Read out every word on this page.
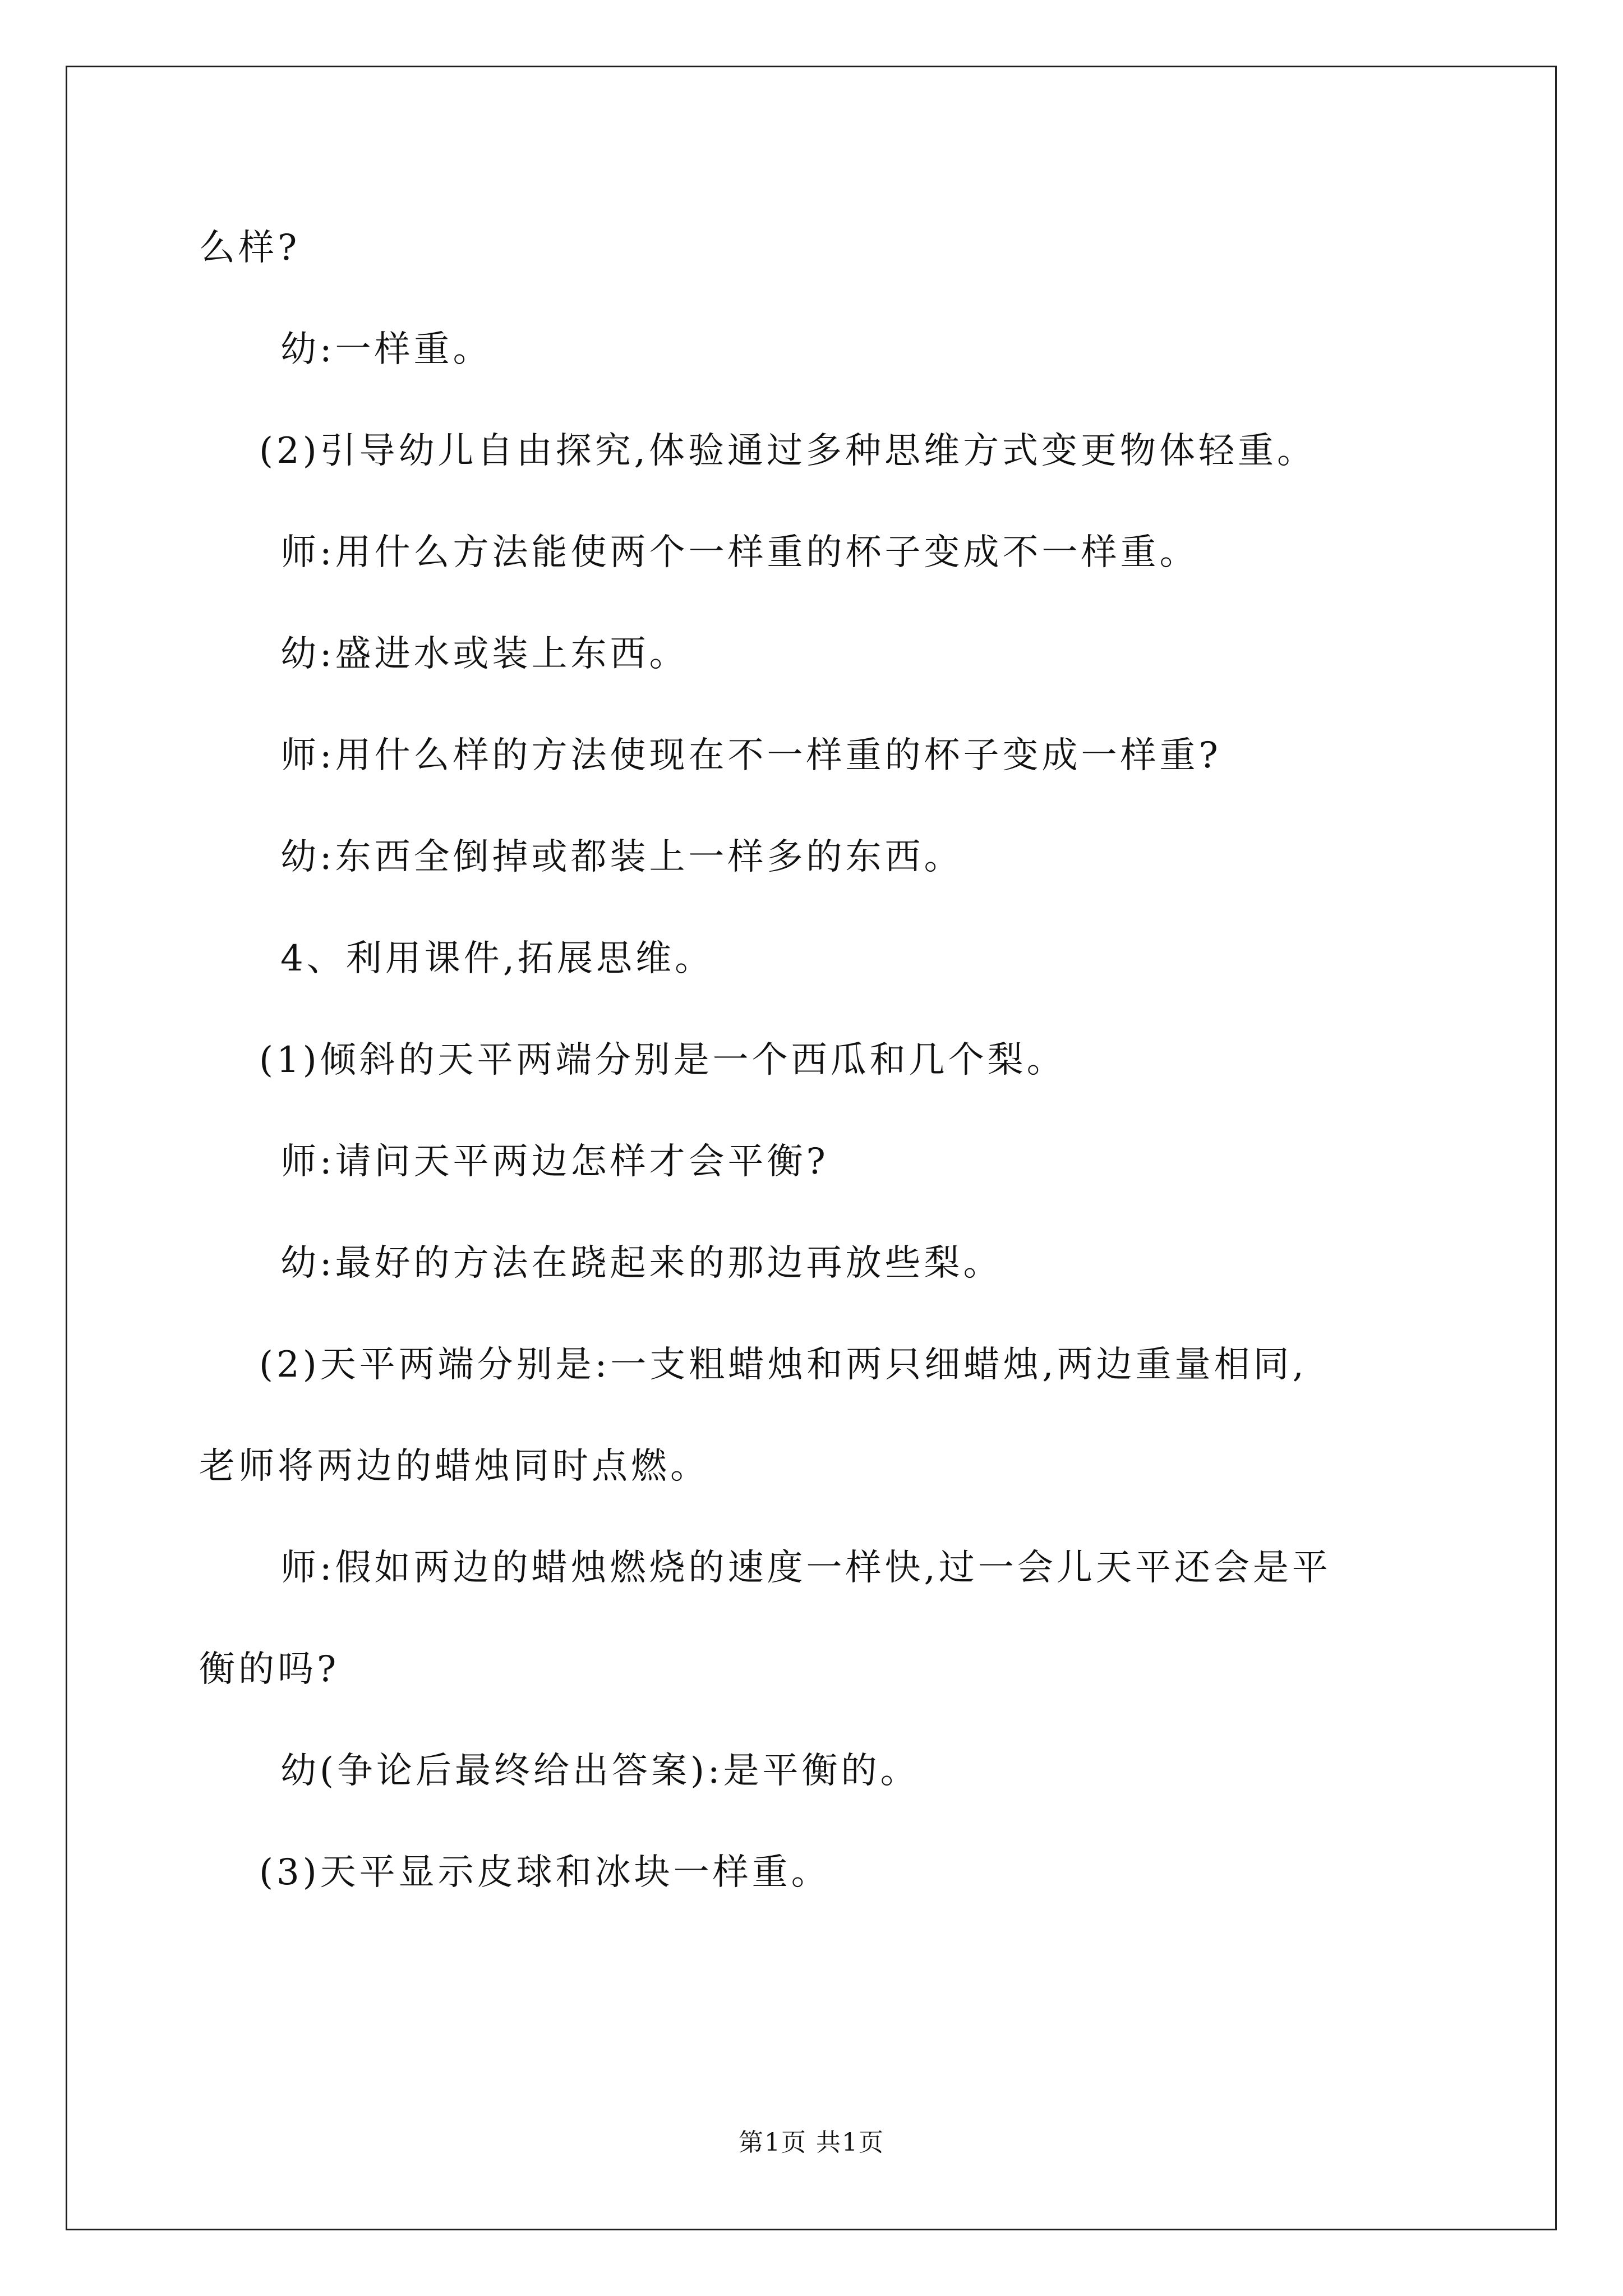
么样?
幼:一样重。
(2)引导幼儿自由探究,体验通过多种思维方式变更物体轻重。
师:用什么方法能使两个一样重的杯子变成不一样重。
幼:盛进水或装上东西。
师:用什么样的方法使现在不一样重的杯子变成一样重?
幼:东西全倒掉或都装上一样多的东西。
4、利用课件,拓展思维。
(1)倾斜的天平两端分别是一个西瓜和几个梨。
师:请问天平两边怎样才会平衡?
幼:最好的方法在跷起来的那边再放些梨。
(2)天平两端分别是:一支粗蜡烛和两只细蜡烛,两边重量相同,
老师将两边的蜡烛同时点燃。
师:假如两边的蜡烛燃烧的速度一样快,过一会儿天平还会是平
衡的吗?
幼(争论后最终给出答案):是平衡的。
(3)天平显示皮球和冰块一样重。
第1页 共1页
